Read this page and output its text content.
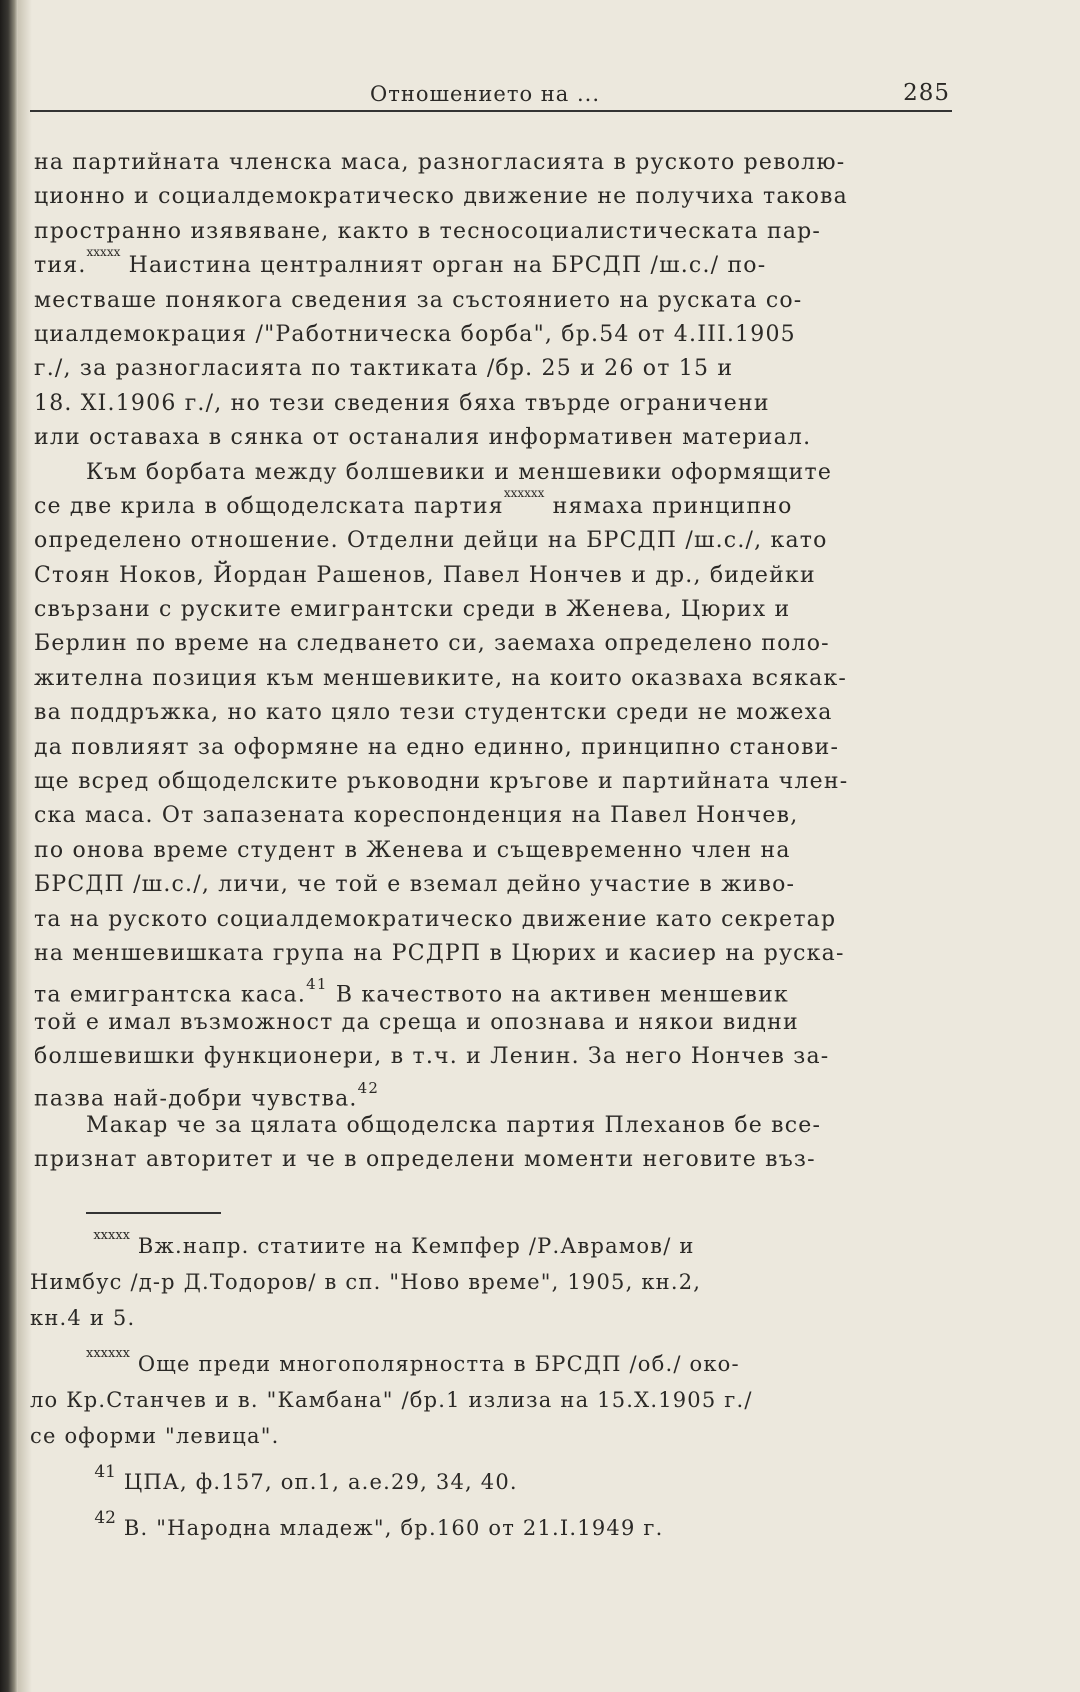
Отношението на ...	285
на партийната членска маса, разногласията в руското револю-
ционно и социалдемократическо движение не получиха такова
пространно изявяване, както в тесносоциалистическата пар-
тия.$^{xxxxx}$ Наистина централният орган на БРСДП /ш.с./ по-
местваше понякога сведения за състоянието на руската со-
циалдемокрация /"Работническа борба", бр.54 от 4.III.1905
г./, за разногласията по тактиката /бр. 25 и 26 от 15 и
18. XI.1906 г./, но тези сведения бяха твърде ограничени
или оставаха в сянка от останалия информативен материал.
Към борбата между болшевики и меншевики оформящите
се две крила в общоделската партия$^{xxxxxx}$ нямаха принципно
определено отношение. Отделни дейци на БРСДП /ш.с./, като
Стоян Ноков, Йордан Рашенов, Павел Нончев и др., бидейки
свързани с руските емигрантски среди в Женева, Цюрих и
Берлин по време на следването си, заемаха определено поло-
жителна позиция към меншевиките, на които оказваха всякак-
ва поддръжка, но като цяло тези студентски среди не можеха
да повлияят за оформяне на едно единно, принципно станови-
ще всред общоделските ръководни кръгове и партийната член-
ска маса. От запазената кореспонденция на Павел Нончев,
по онова време студент в Женева и същевременно член на
БРСДП /ш.с./, личи, че той е вземал дейно участие в живо-
та на руското социалдемократическо движение като секретар
на меншевишката група на РСДРП в Цюрих и касиер на руска-
та емигрантска каса.$^{41}$ В качеството на активен меншевик
той е имал възможност да среща и опознава и някои видни
болшевишки функционери, в т.ч. и Ленин. За него Нончев за-
пазва най-добри чувства.$^{42}$
Макар че за цялата общоделска партия Плеханов бе все-
признат авторитет и че в определени моменти неговите въз-
xxxxx Вж.напр. статиите на Кемпфер /Р.Аврамов/ и
Нимбус /д-р Д.Тодоров/ в сп. "Ново време", 1905, кн.2,
кн.4 и 5.
xxxxxx Още преди многополярността в БРСДП /об./ око-
ло Кр.Станчев и в. "Камбана" /бр.1 излиза на 15.X.1905 г./
се оформи "левица".
41 ЦПА, ф.157, оп.1, а.е.29, 34, 40.
42 В. "Народна младеж", бр.160 от 21.I.1949 г.
